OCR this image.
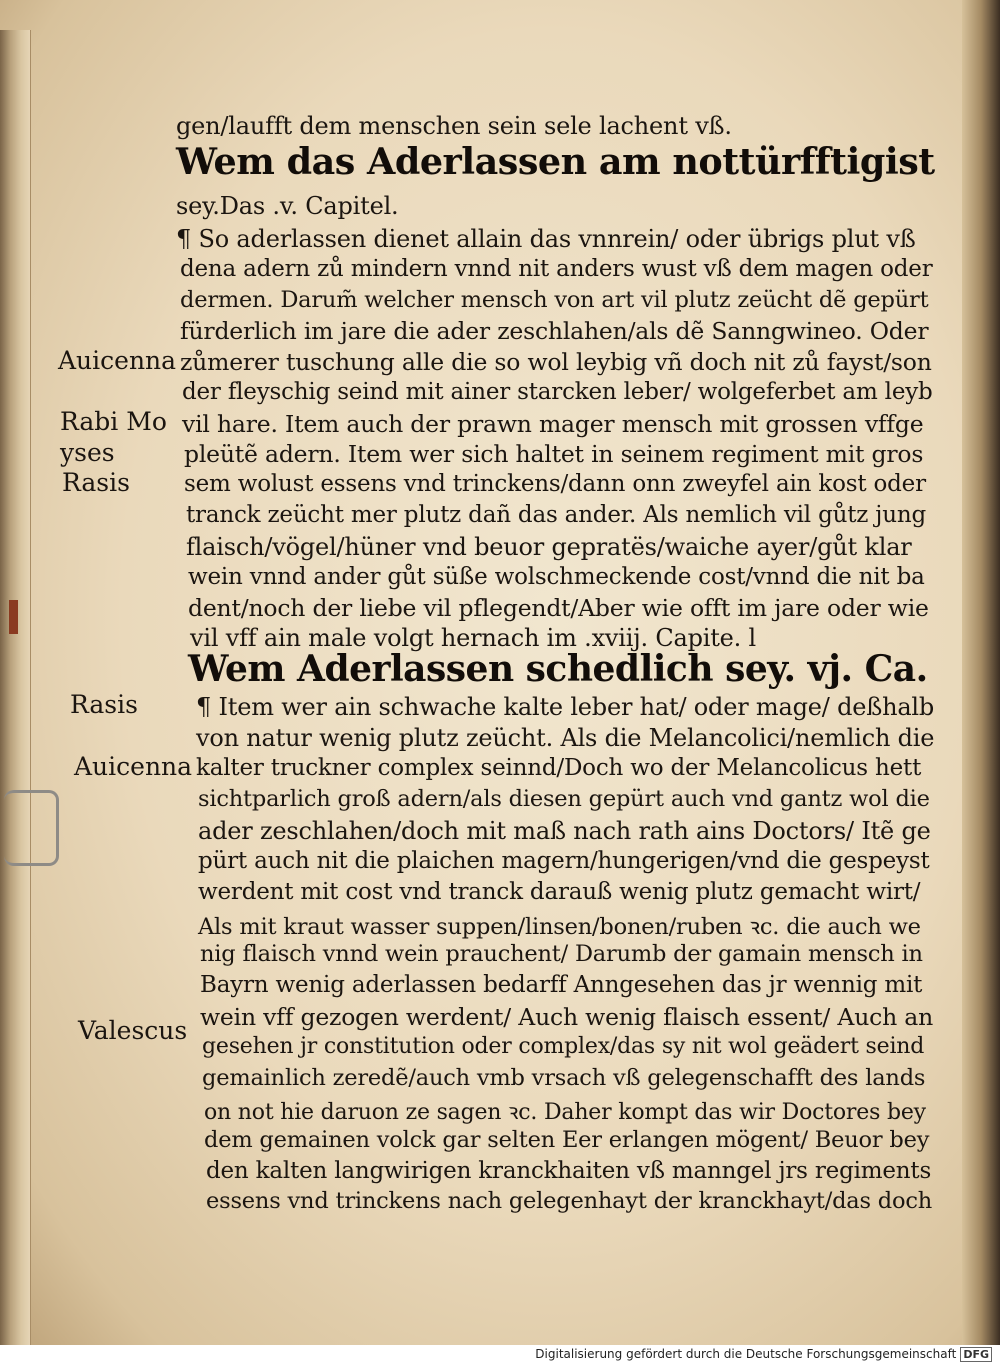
gen/laufft dem menschen sein sele lachent vß.
Wem das Aderlassen am nottürfftigist
sey.Das .v. Capitel.
¶ So aderlassen dienet allain das vnnrein/ oder übrigs plut vß
dena adern zů mindern vnnd nit anders wust vß dem magen oder
dermen. Darum̃ welcher mensch von art vil plutz zeücht dẽ gepürt
fürderlich im jare die ader zeschlahen/als dẽ Sanngwineo. Oder
zůmerer tuschung alle die so wol leybig vñ doch nit zů fayst/son
der fleyschig seind mit ainer starcken leber/ wolgeferbet am leyb
vil hare. Item auch der prawn mager mensch mit grossen vffge
pleütẽ adern. Item wer sich haltet in seinem regiment mit gros
sem wolust essens vnd trinckens/dann onn zweyfel ain kost oder
tranck zeücht mer plutz dañ das ander. Als nemlich vil gůtz jung
flaisch/vögel/hüner vnd beuor gepratës/waiche ayer/gůt klar
wein vnnd ander gůt süße wolschmeckende cost/vnnd die nit ba
dent/noch der liebe vil pflegendt/Aber wie offt im jare oder wie
vil vff ain male volgt hernach im .xviij. Capite. l
Wem Aderlassen schedlich sey. vj. Ca.
¶ Item wer ain schwache kalte leber hat/ oder mage/ deßhalb
von natur wenig plutz zeücht. Als die Melancolici/nemlich die
kalter truckner complex seinnd/Doch wo der Melancolicus hett
sichtparlich groß adern/als diesen gepürt auch vnd gantz wol die
ader zeschlahen/doch mit maß nach rath ains Doctors/ Itẽ ge
pürt auch nit die plaichen magern/hungerigen/vnd die gespeyst
werdent mit cost vnd tranck darauß wenig plutz gemacht wirt/
Als mit kraut wasser suppen/linsen/bonen/ruben ꝛc. die auch we
nig flaisch vnnd wein prauchent/ Darumb der gamain mensch in
Bayrn wenig aderlassen bedarff Anngesehen das jr wennig mit
wein vff gezogen werdent/ Auch wenig flaisch essent/ Auch an
gesehen jr constitution oder complex/das sy nit wol geädert seind
gemainlich zeredẽ/auch vmb vrsach vß gelegenschafft des lands
on not hie daruon ze sagen ꝛc. Daher kompt das wir Doctores bey
dem gemainen volck gar selten Eer erlangen mögent/ Beuor bey
den kalten langwirigen kranckhaiten vß manngel jrs regiments
essens vnd trinckens nach gelegenhayt der kranckhayt/das doch
Auicenna
Rabi Mo
yses
Rasis
Rasis
Auicenna
Valescus
Digitalisierung gefördert durch die Deutsche Forschungsgemeinschaft DFG
